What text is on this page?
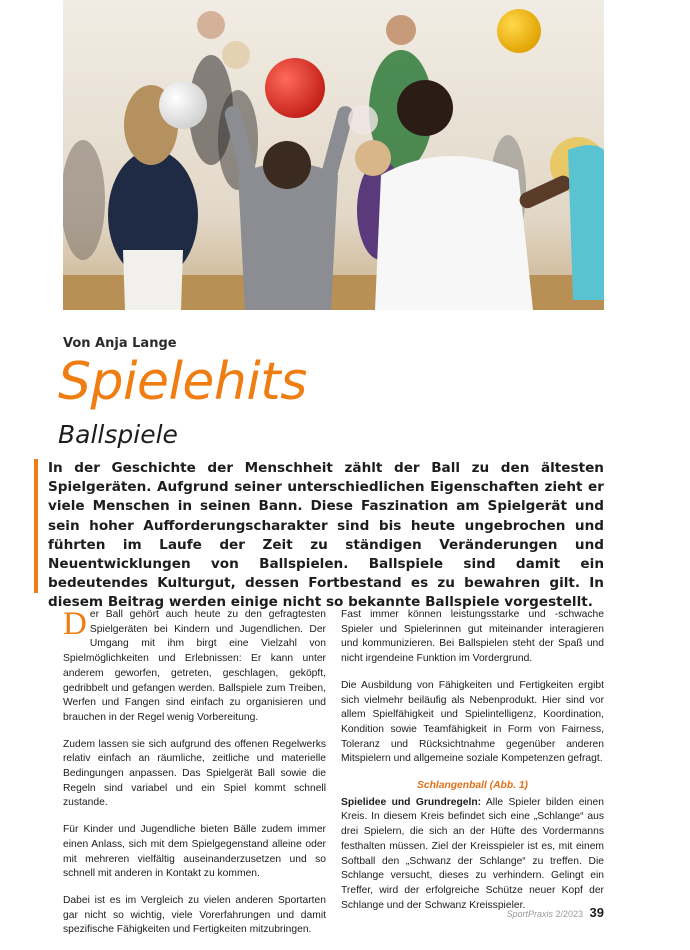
Von Anja Lange
Spielehits
Ballspiele
In der Geschichte der Menschheit zählt der Ball zu den ältesten Spielgeräten. Aufgrund seiner unterschiedlichen Eigenschaften zieht er viele Menschen in seinen Bann. Diese Faszination am Spielgerät und sein hoher Aufforderungscharakter sind bis heute ungebrochen und führten im Laufe der Zeit zu ständigen Veränderungen und Neuentwicklungen von Ballspielen. Ballspiele sind damit ein bedeutendes Kulturgut, dessen Fortbestand es zu bewahren gilt. In diesem Beitrag werden einige nicht so bekannte Ballspiele vorgestellt.

Der Ball gehört auch heute zu den gefragtesten Spielgeräten bei Kindern und Jugendlichen. Der Umgang mit ihm birgt eine Vielzahl von Spielmöglichkeiten und Erlebnissen: Er kann unter anderem geworfen, getreten, geschlagen, geköpft, gedribbelt und gefangen werden. Ballspiele zum Treiben, Werfen und Fangen sind einfach zu organisieren und brauchen in der Regel wenig Vorbereitung.

Zudem lassen sie sich aufgrund des offenen Regelwerks relativ einfach an räumliche, zeitliche und materielle Bedingungen anpassen. Das Spielgerät Ball sowie die Regeln sind variabel und ein Spiel kommt schnell zustande.

Für Kinder und Jugendliche bieten Bälle zudem immer einen Anlass, sich mit dem Spielgegenstand alleine oder mit mehreren vielfältig auseinanderzusetzen und so schnell mit anderen in Kontakt zu kommen.

Dabei ist es im Vergleich zu vielen anderen Sportarten gar nicht so wichtig, viele Vorerfahrungen und damit spezifische Fähigkeiten und Fertigkeiten mitzubringen.

Fast immer können leistungsstarke und -schwache Spieler und Spielerinnen gut miteinander interagieren und kommunizieren. Bei Ballspielen steht der Spaß und nicht irgendeine Funktion im Vordergrund.

Die Ausbildung von Fähigkeiten und Fertigkeiten ergibt sich vielmehr beiläufig als Nebenprodukt. Hier sind vor allem Spielfähigkeit und Spielintelligenz, Koordination, Kondition sowie Teamfähigkeit in Form von Fairness, Toleranz und Rücksichtnahme gegenüber anderen Mitspielern und allgemeine soziale Kompetenzen gefragt.

Schlangenball (Abb. 1)

Spielidee und Grundregeln: Alle Spieler bilden einen Kreis. In diesem Kreis befindet sich eine „Schlange“ aus drei Spielern, die sich an der Hüfte des Vordermanns festhalten müssen. Ziel der Kreisspieler ist es, mit einem Softball den „Schwanz der Schlange“ zu treffen. Die Schlange versucht, dieses zu verhindern. Gelingt ein Treffer, wird der erfolgreiche Schütze neuer Kopf der Schlange und der Schwanz Kreisspieler.

SportPraxis 2/2023 39
